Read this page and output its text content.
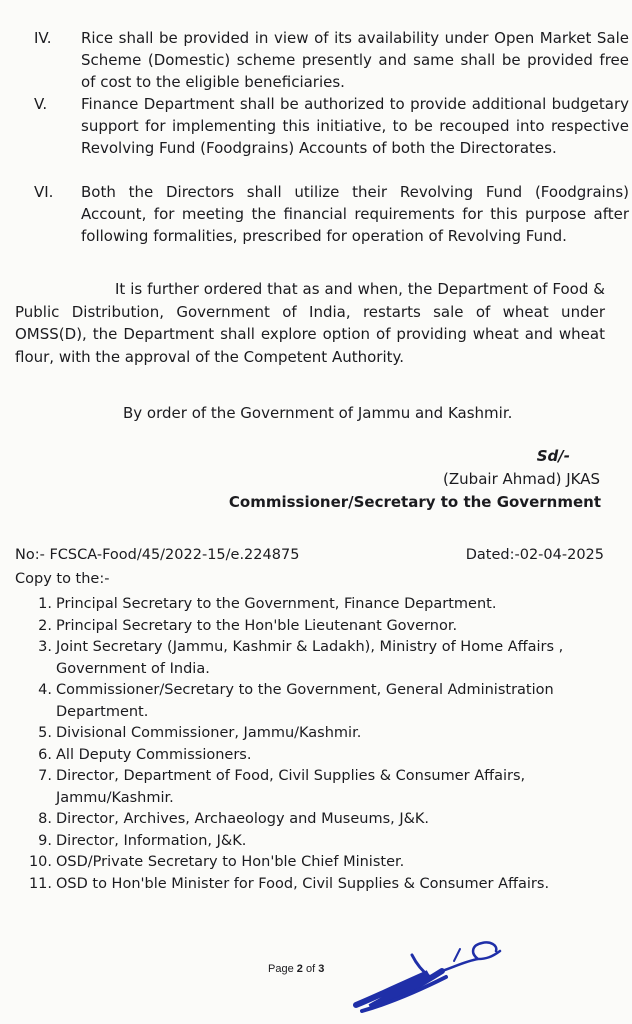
IV. Rice shall be provided in view of its availability under Open Market Sale Scheme (Domestic) scheme presently and same shall be provided free of cost to the eligible beneficiaries.
V. Finance Department shall be authorized to provide additional budgetary support for implementing this initiative, to be recouped into respective Revolving Fund (Foodgrains) Accounts of both the Directorates.
VI. Both the Directors shall utilize their Revolving Fund (Foodgrains) Account, for meeting the financial requirements for this purpose after following formalities, prescribed for operation of Revolving Fund.

It is further ordered that as and when, the Department of Food & Public Distribution, Government of India, restarts sale of wheat under OMSS(D), the Department shall explore option of providing wheat and wheat flour, with the approval of the Competent Authority.

By order of the Government of Jammu and Kashmir.
Sd/-
(Zubair Ahmad) JKAS
Commissioner/Secretary to the Government
No:- FCSCA-Food/45/2022-15/e.224875	Dated:-02-04-2025
Copy to the:-
1. Principal Secretary to the Government, Finance Department.
2. Principal Secretary to the Hon'ble Lieutenant Governor.
3. Joint Secretary (Jammu, Kashmir & Ladakh), Ministry of Home Affairs , Government of India.
4. Commissioner/Secretary to the Government, General Administration Department.
5. Divisional Commissioner, Jammu/Kashmir.
6. All Deputy Commissioners.
7. Director, Department of Food, Civil Supplies & Consumer Affairs, Jammu/Kashmir.
8. Director, Archives, Archaeology and Museums, J&K.
9. Director, Information, J&K.
10. OSD/Private Secretary to Hon'ble Chief Minister.
11. OSD to Hon'ble Minister for Food, Civil Supplies & Consumer Affairs.
Page 2 of 3
